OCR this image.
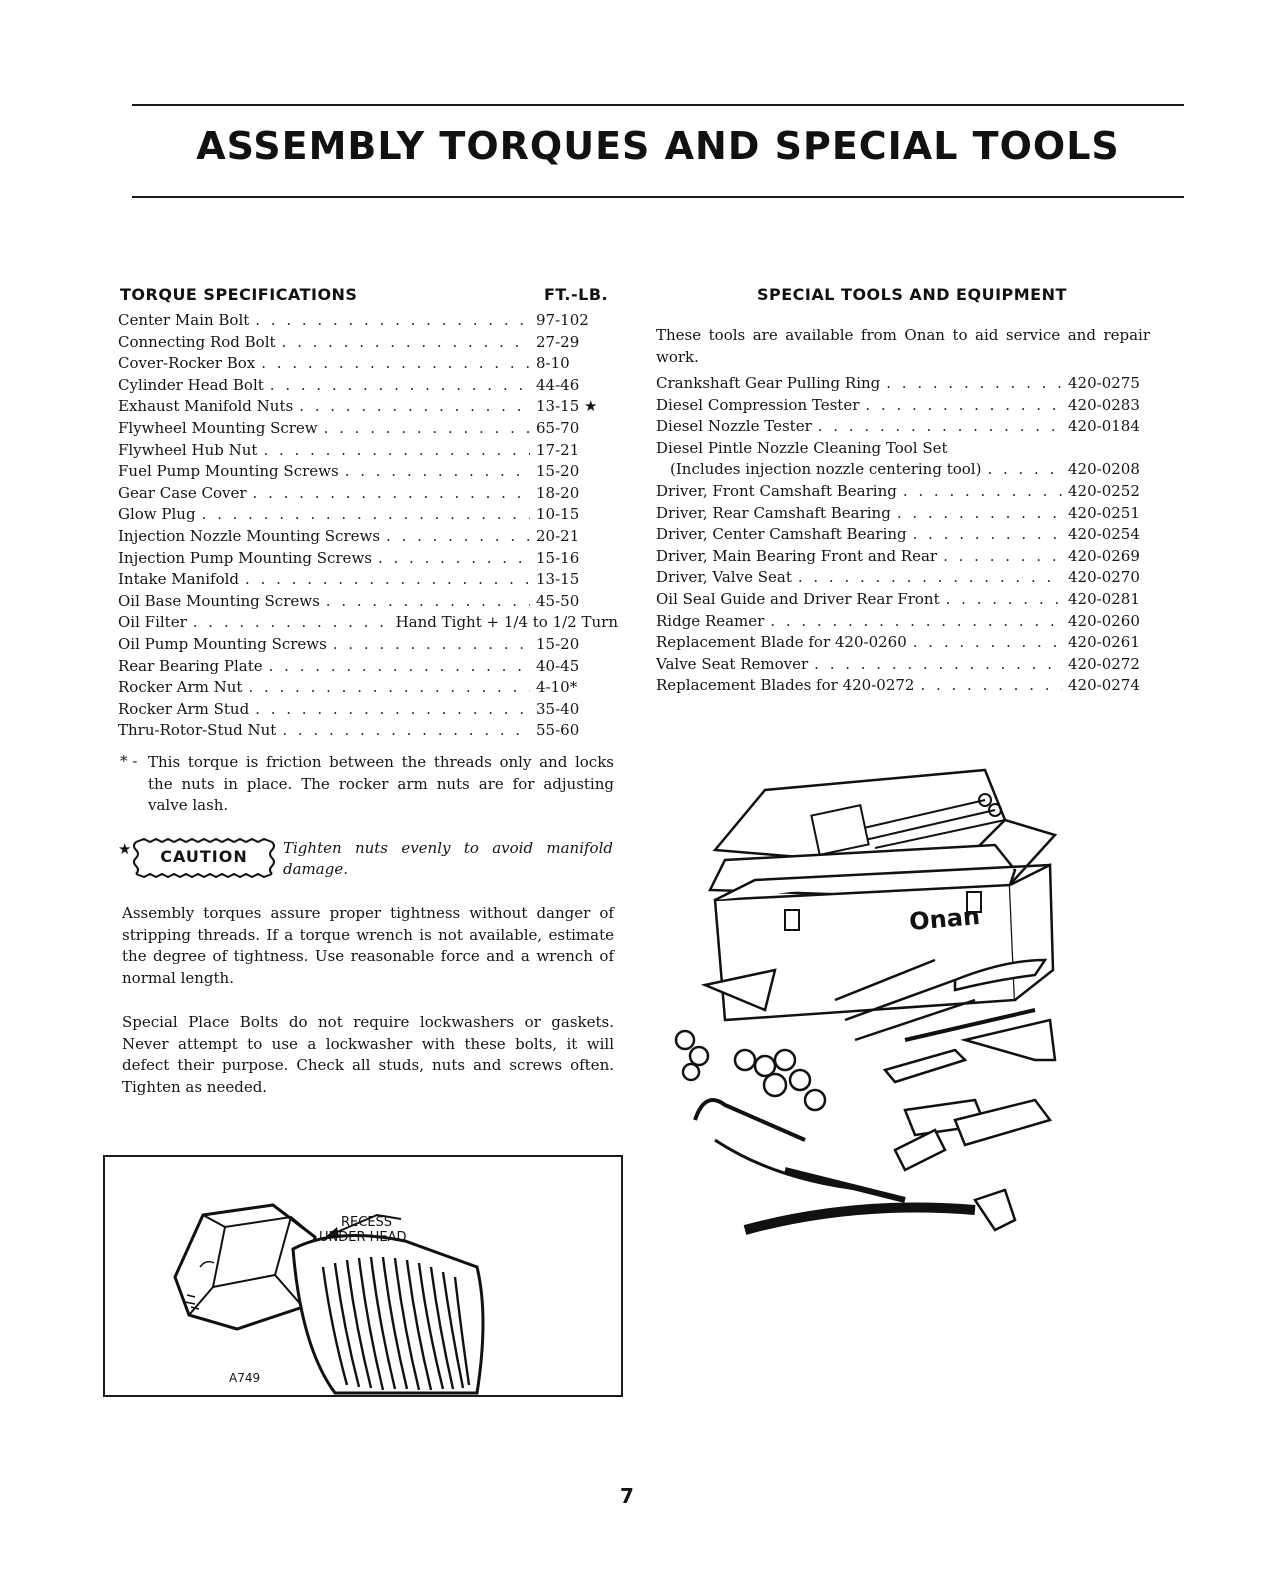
ASSEMBLY TORQUES AND SPECIAL TOOLS
TORQUE SPECIFICATIONS	FT.-LB.
Center Main Bolt . . .	97-102
Connecting Rod Bolt . . .	27-29
Cover-Rocker Box . . .	8-10
Cylinder Head Bolt . . .	44-46
Exhaust Manifold Nuts . . .	13-15 ★
Flywheel Mounting Screw . . .	65-70
Flywheel Hub Nut . . .	17-21
Fuel Pump Mounting Screws . . .	15-20
Gear Case Cover . . .	18-20
Glow Plug . . .	10-15
Injection Nozzle Mounting Screws . . .	20-21
Injection Pump Mounting Screws . . .	15-16
Intake Manifold . . .	13-15
Oil Base Mounting Screws . . .	45-50
Oil Filter . . .	Hand Tight + 1/4 to 1/2 Turn
Oil Pump Mounting Screws . . .	15-20
Rear Bearing Plate . . .	40-45
Rocker Arm Nut . . .	4-10*
Rocker Arm Stud . . .	35-40
Thru-Rotor-Stud Nut . . .	55-60
* - This torque is friction between the threads only and locks the nuts in place. The rocker arm nuts are for adjusting valve lash.

★	CAUTION	Tighten nuts evenly to avoid manifold damage.

Assembly torques assure proper tightness without danger of stripping threads. If a torque wrench is not available, estimate the degree of tightness. Use reasonable force and a wrench of normal length.

Special Place Bolts do not require lockwashers or gaskets. Never attempt to use a lockwasher with these bolts, it will defect their purpose. Check all studs, nuts and screws often. Tighten as needed.

RECESS
UNDER HEAD
A749
SPECIAL TOOLS AND EQUIPMENT

These tools are available from Onan to aid service and repair work.

Crankshaft Gear Pulling Ring . . .	420-0275
Diesel Compression Tester . . .	420-0283
Diesel Nozzle Tester . . .	420-0184
Diesel Pintle Nozzle Cleaning Tool Set
(Includes injection nozzle centering tool) . . .	420-0208
Driver, Front Camshaft Bearing . . .	420-0252
Driver, Rear Camshaft Bearing . . .	420-0251
Driver, Center Camshaft Bearing . . .	420-0254
Driver, Main Bearing Front and Rear . . .	420-0269
Driver, Valve Seat . . .	420-0270
Oil Seal Guide and Driver Rear Front . . .	420-0281
Ridge Reamer . . .	420-0260
Replacement Blade for 420-0260 . . .	420-0261
Valve Seat Remover . . .	420-0272
Replacement Blades for 420-0272 . . .	420-0274
Onan
7
